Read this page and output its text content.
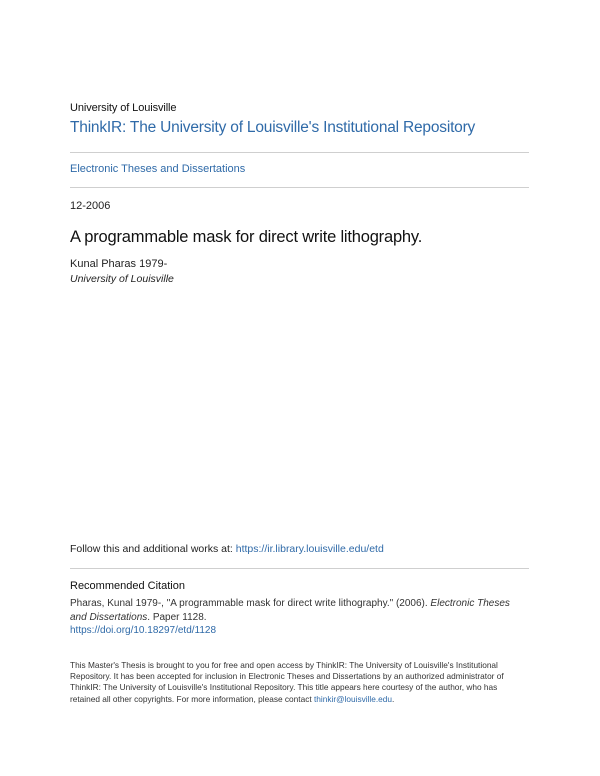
University of Louisville
ThinkIR: The University of Louisville's Institutional Repository
Electronic Theses and Dissertations
12-2006
A programmable mask for direct write lithography.
Kunal Pharas 1979-
University of Louisville
Follow this and additional works at: https://ir.library.louisville.edu/etd
Recommended Citation
Pharas, Kunal 1979-, "A programmable mask for direct write lithography." (2006). Electronic Theses and Dissertations. Paper 1128.
https://doi.org/10.18297/etd/1128
This Master's Thesis is brought to you for free and open access by ThinkIR: The University of Louisville's Institutional Repository. It has been accepted for inclusion in Electronic Theses and Dissertations by an authorized administrator of ThinkIR: The University of Louisville's Institutional Repository. This title appears here courtesy of the author, who has retained all other copyrights. For more information, please contact thinkir@louisville.edu.
